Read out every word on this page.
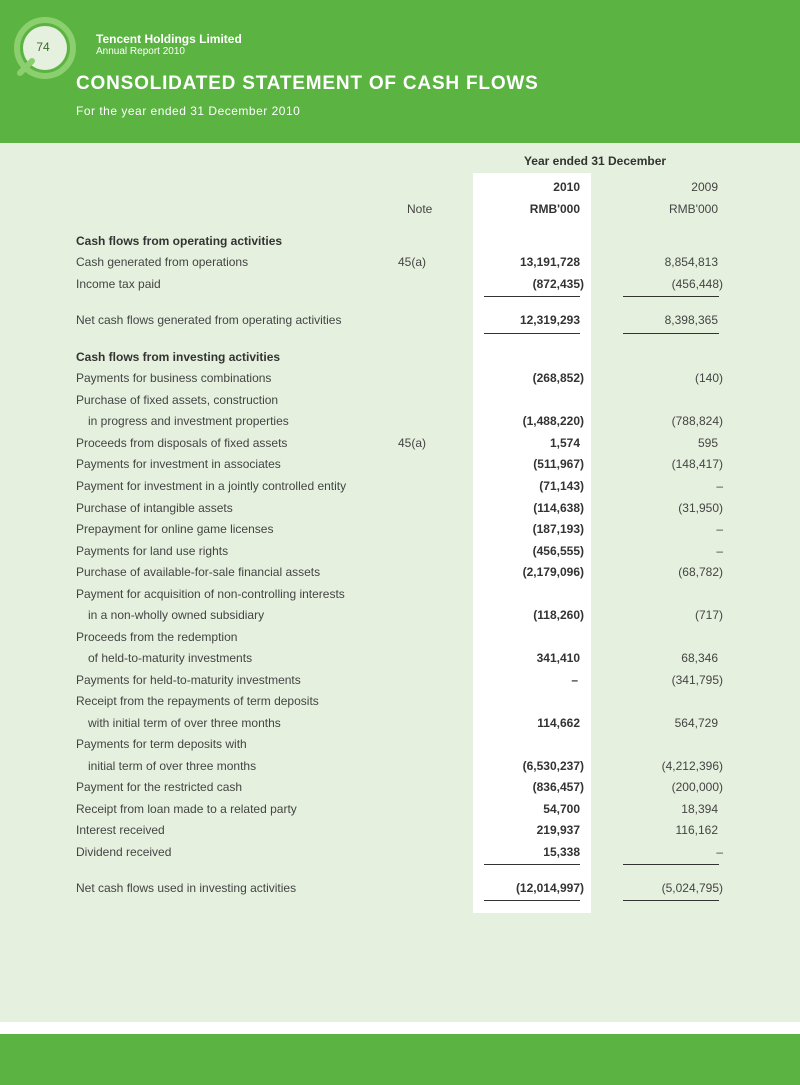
74
Tencent Holdings Limited
Annual Report 2010
CONSOLIDATED STATEMENT OF CASH FLOWS
For the year ended 31 December 2010
Year ended 31 December
2010	2009
Note	RMB'000	RMB'000
Cash flows from operating activities
Cash generated from operations	45(a)	13,191,728	8,854,813
Income tax paid	(872,435)	(456,448)
Net cash flows generated from operating activities	12,319,293	8,398,365
Cash flows from investing activities
Payments for business combinations	(268,852)	(140)
Purchase of fixed assets, construction
in progress and investment properties	(1,488,220)	(788,824)
Proceeds from disposals of fixed assets	45(a)	1,574	595
Payments for investment in associates	(511,967)	(148,417)
Payment for investment in a jointly controlled entity	(71,143)	–
Purchase of intangible assets	(114,638)	(31,950)
Prepayment for online game licenses	(187,193)	–
Payments for land use rights	(456,555)	–
Purchase of available-for-sale financial assets	(2,179,096)	(68,782)
Payment for acquisition of non-controlling interests
in a non-wholly owned subsidiary	(118,260)	(717)
Proceeds from the redemption
of held-to-maturity investments	341,410	68,346
Payments for held-to-maturity investments	–	(341,795)
Receipt from the repayments of term deposits
with initial term of over three months	114,662	564,729
Payments for term deposits with
initial term of over three months	(6,530,237)	(4,212,396)
Payment for the restricted cash	(836,457)	(200,000)
Receipt from loan made to a related party	54,700	18,394
Interest received	219,937	116,162
Dividend received	15,338	–
Net cash flows used in investing activities	(12,014,997)	(5,024,795)
